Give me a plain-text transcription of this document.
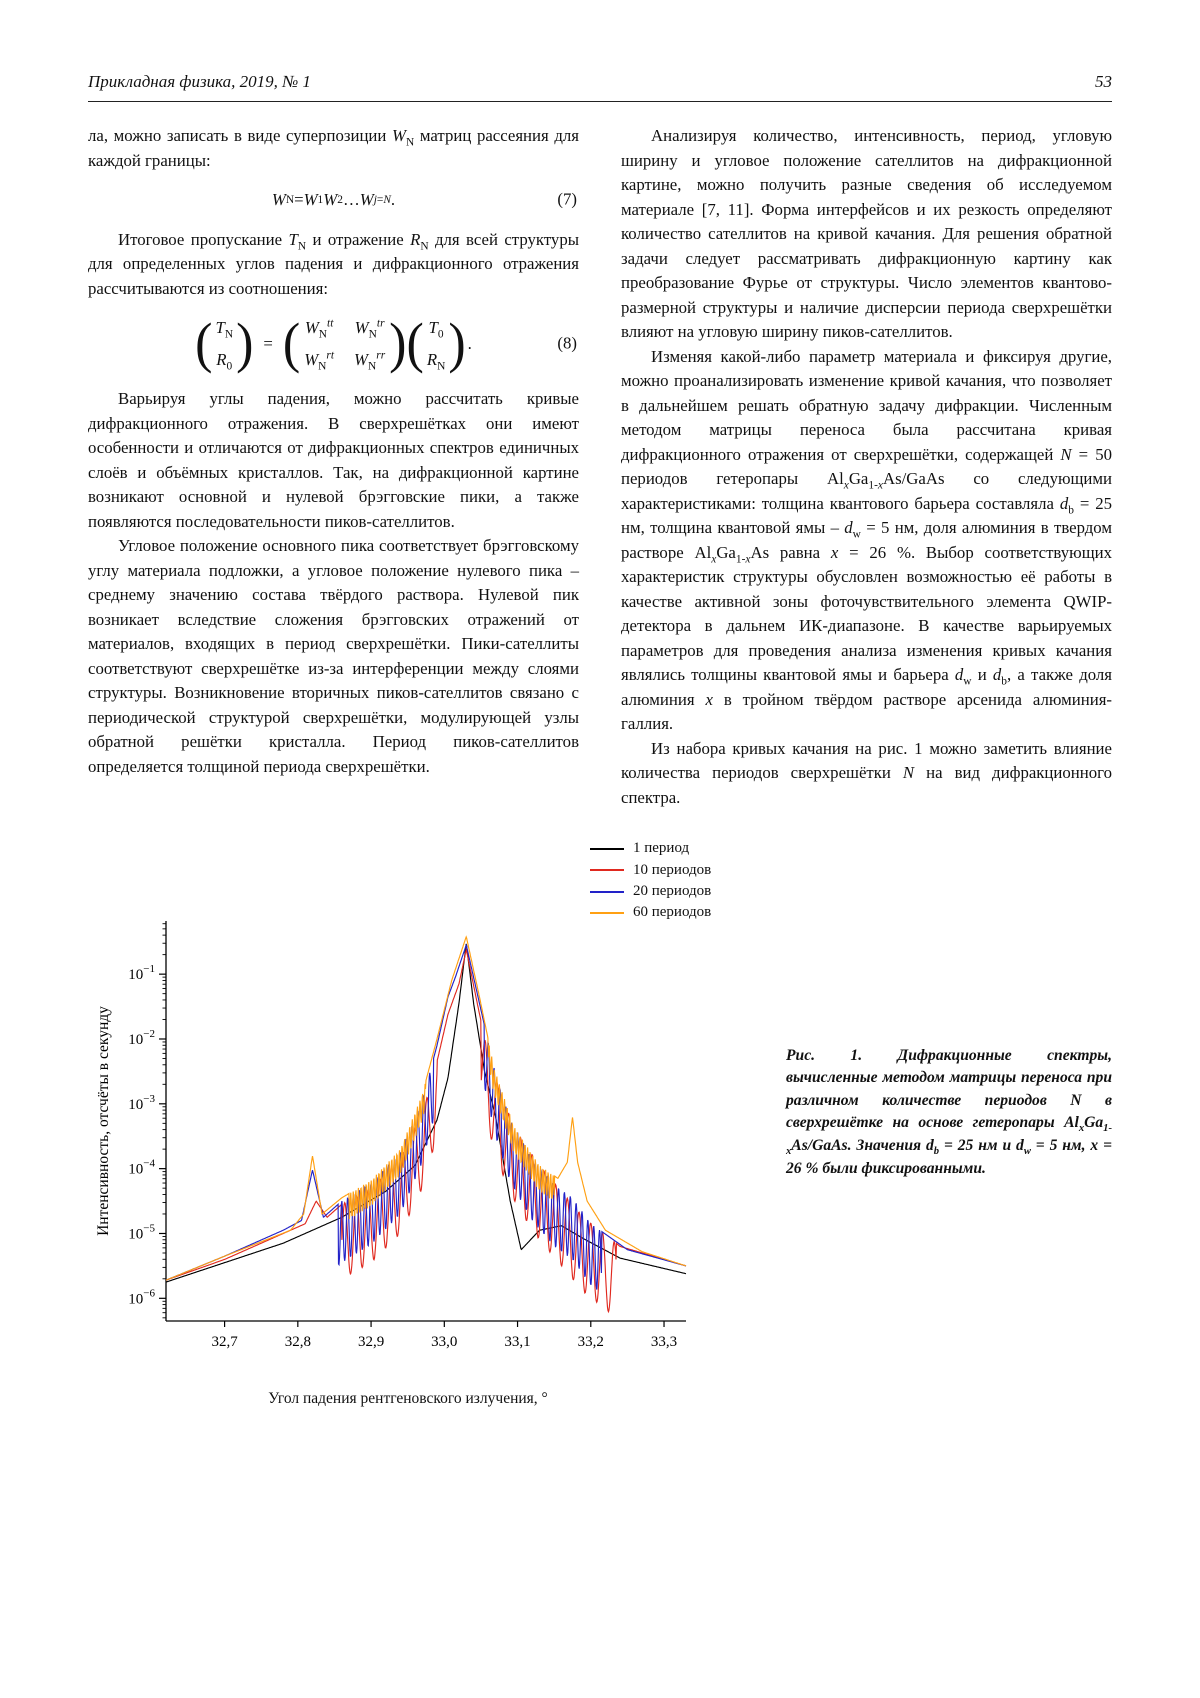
Прикладная физика, 2019, № 1	53

ла, можно записать в виде суперпозиции $W_N$ матриц рассеяния для каждой границы:

W N = W 1 W 2 … W j=N .	(7)

Итоговое пропускание $T_N$ и отражение $R_N$ для всей структуры для определенных углов падения и дифракционного отражения рассчитываются из соотношения:

( $T_N$
$R_0$ ) = ( $W_N^{tt}$ $W_N^{tr}$
$W_N^{rt}$ $W_N^{rr}$ ) ( $T_0$
$R_N$ ) .	(8)

Варьируя углы падения, можно рассчитать кривые дифракционного отражения. В сверхрешётках они имеют особенности и отличаются от дифракционных спектров единичных слоёв и объёмных кристаллов. Так, на дифракционной картине возникают основной и нулевой брэгговские пики, а также появляются последовательности пиков-сателлитов.

Угловое положение основного пика соответствует брэгговскому углу материала подложки, а угловое положение нулевого пика – среднему значению состава твёрдого раствора. Нулевой пик возникает вследствие сложения брэгговских отражений от материалов, входящих в период сверхрешётки. Пики-сателлиты соответствуют сверхрешётке из-за интерференции между слоями структуры. Возникновение вторичных пиков-сателлитов связано с периодической структурой сверхрешётки, модулирующей узлы обратной решётки кристалла. Период пиков-сателлитов определяется толщиной периода сверхрешётки.

Анализируя количество, интенсивность, период, угловую ширину и угловое положение сателлитов на дифракционной картине, можно получить разные сведения об исследуемом материале [7, 11]. Форма интерфейсов и их резкость определяют количество сателлитов на кривой качания. Для решения обратной задачи следует рассматривать дифракционную картину как преобразование Фурье от структуры. Число элементов квантово-размерной структуры и наличие дисперсии периода сверхрешётки влияют на угловую ширину пиков-сателлитов.

Изменяя какой-либо параметр материала и фиксируя другие, можно проанализировать изменение кривой качания, что позволяет в дальнейшем решать обратную задачу дифракции. Численным методом матрицы переноса была рассчитана кривая дифракционного отражения от сверхрешётки, содержащей N = 50 периодов гетеропары $Al_xGa_{1-x}As$/GaAs со следующими характеристиками: толщина квантового барьера составляла $d_b = 25$ нм, толщина квантовой ямы – $d_w = 5$ нм, доля алюминия в твердом растворе $Al_xGa_{1-x}As$ равна x = 26 %. Выбор соответствующих характеристик структуры обусловлен возможностью её работы в качестве активной зоны фоточувствительного элемента QWIP-детектора в дальнем ИК-диапазоне. В качестве варьируемых параметров для проведения анализа изменения кривых качания являлись толщины квантовой ямы и барьера $d_w$ и $d_b$, а также доля алюминия x в тройном твёрдом растворе арсенида алюминия-галлия.

Из набора кривых качания на рис. 1 можно заметить влияние количества периодов сверхрешётки N на вид дифракционного спектра.

1 период
10 периодов
20 периодов
60 периодов
$10^{-1}$
$10^{-2}$
$10^{-3}$
$10^{-4}$
$10^{-5}$
$10^{-6}$
32,7	32,8	32,9	33,0	33,1	33,2	33,3
Интенсивность, отсчёты в секунду
Угол падения рентгеновского излучения, °
Рис. 1. Дифракционные спектры, вычисленные методом матрицы переноса при различном количестве периодов N в сверхрешётке на основе гетеропары $Al_xGa_{1-x}As$/GaAs. Значения $d_b = 25$ нм и $d_w = 5$ нм, x = 26 % были фиксированными.
